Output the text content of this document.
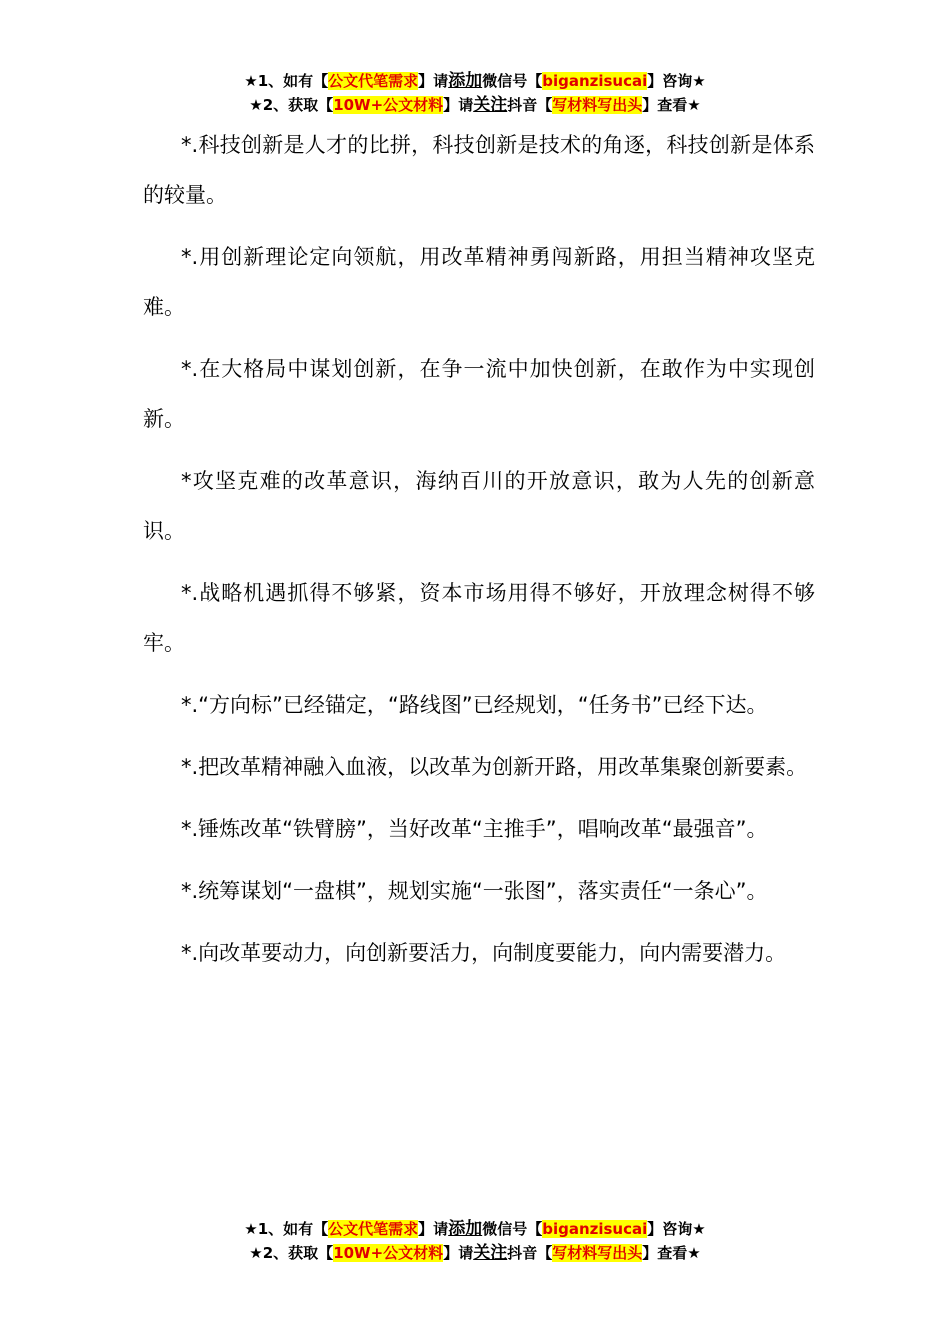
★1、如有【公文代笔需求】请添加微信号【biganzisucai】咨询★
★2、获取【10W+公文材料】请关注抖音【写材料写出头】查看★

*.科技创新是人才的比拼，科技创新是技术的角逐，科技创新是体系的较量。

*.用创新理论定向领航，用改革精神勇闯新路，用担当精神攻坚克难。

*.在大格局中谋划创新，在争一流中加快创新，在敢作为中实现创新。

*攻坚克难的改革意识，海纳百川的开放意识，敢为人先的创新意识。

*.战略机遇抓得不够紧，资本市场用得不够好，开放理念树得不够牢。

*.“方向标”已经锚定，“路线图”已经规划，“任务书”已经下达。

*.把改革精神融入血液，以改革为创新开路，用改革集聚创新要素。

*.锤炼改革“铁臂膀”，当好改革“主推手”，唱响改革“最强音”。

*.统筹谋划“一盘棋”，规划实施“一张图”，落实责任“一条心”。

*.向改革要动力，向创新要活力，向制度要能力，向内需要潜力。

★1、如有【公文代笔需求】请添加微信号【biganzisucai】咨询★
★2、获取【10W+公文材料】请关注抖音【写材料写出头】查看★
